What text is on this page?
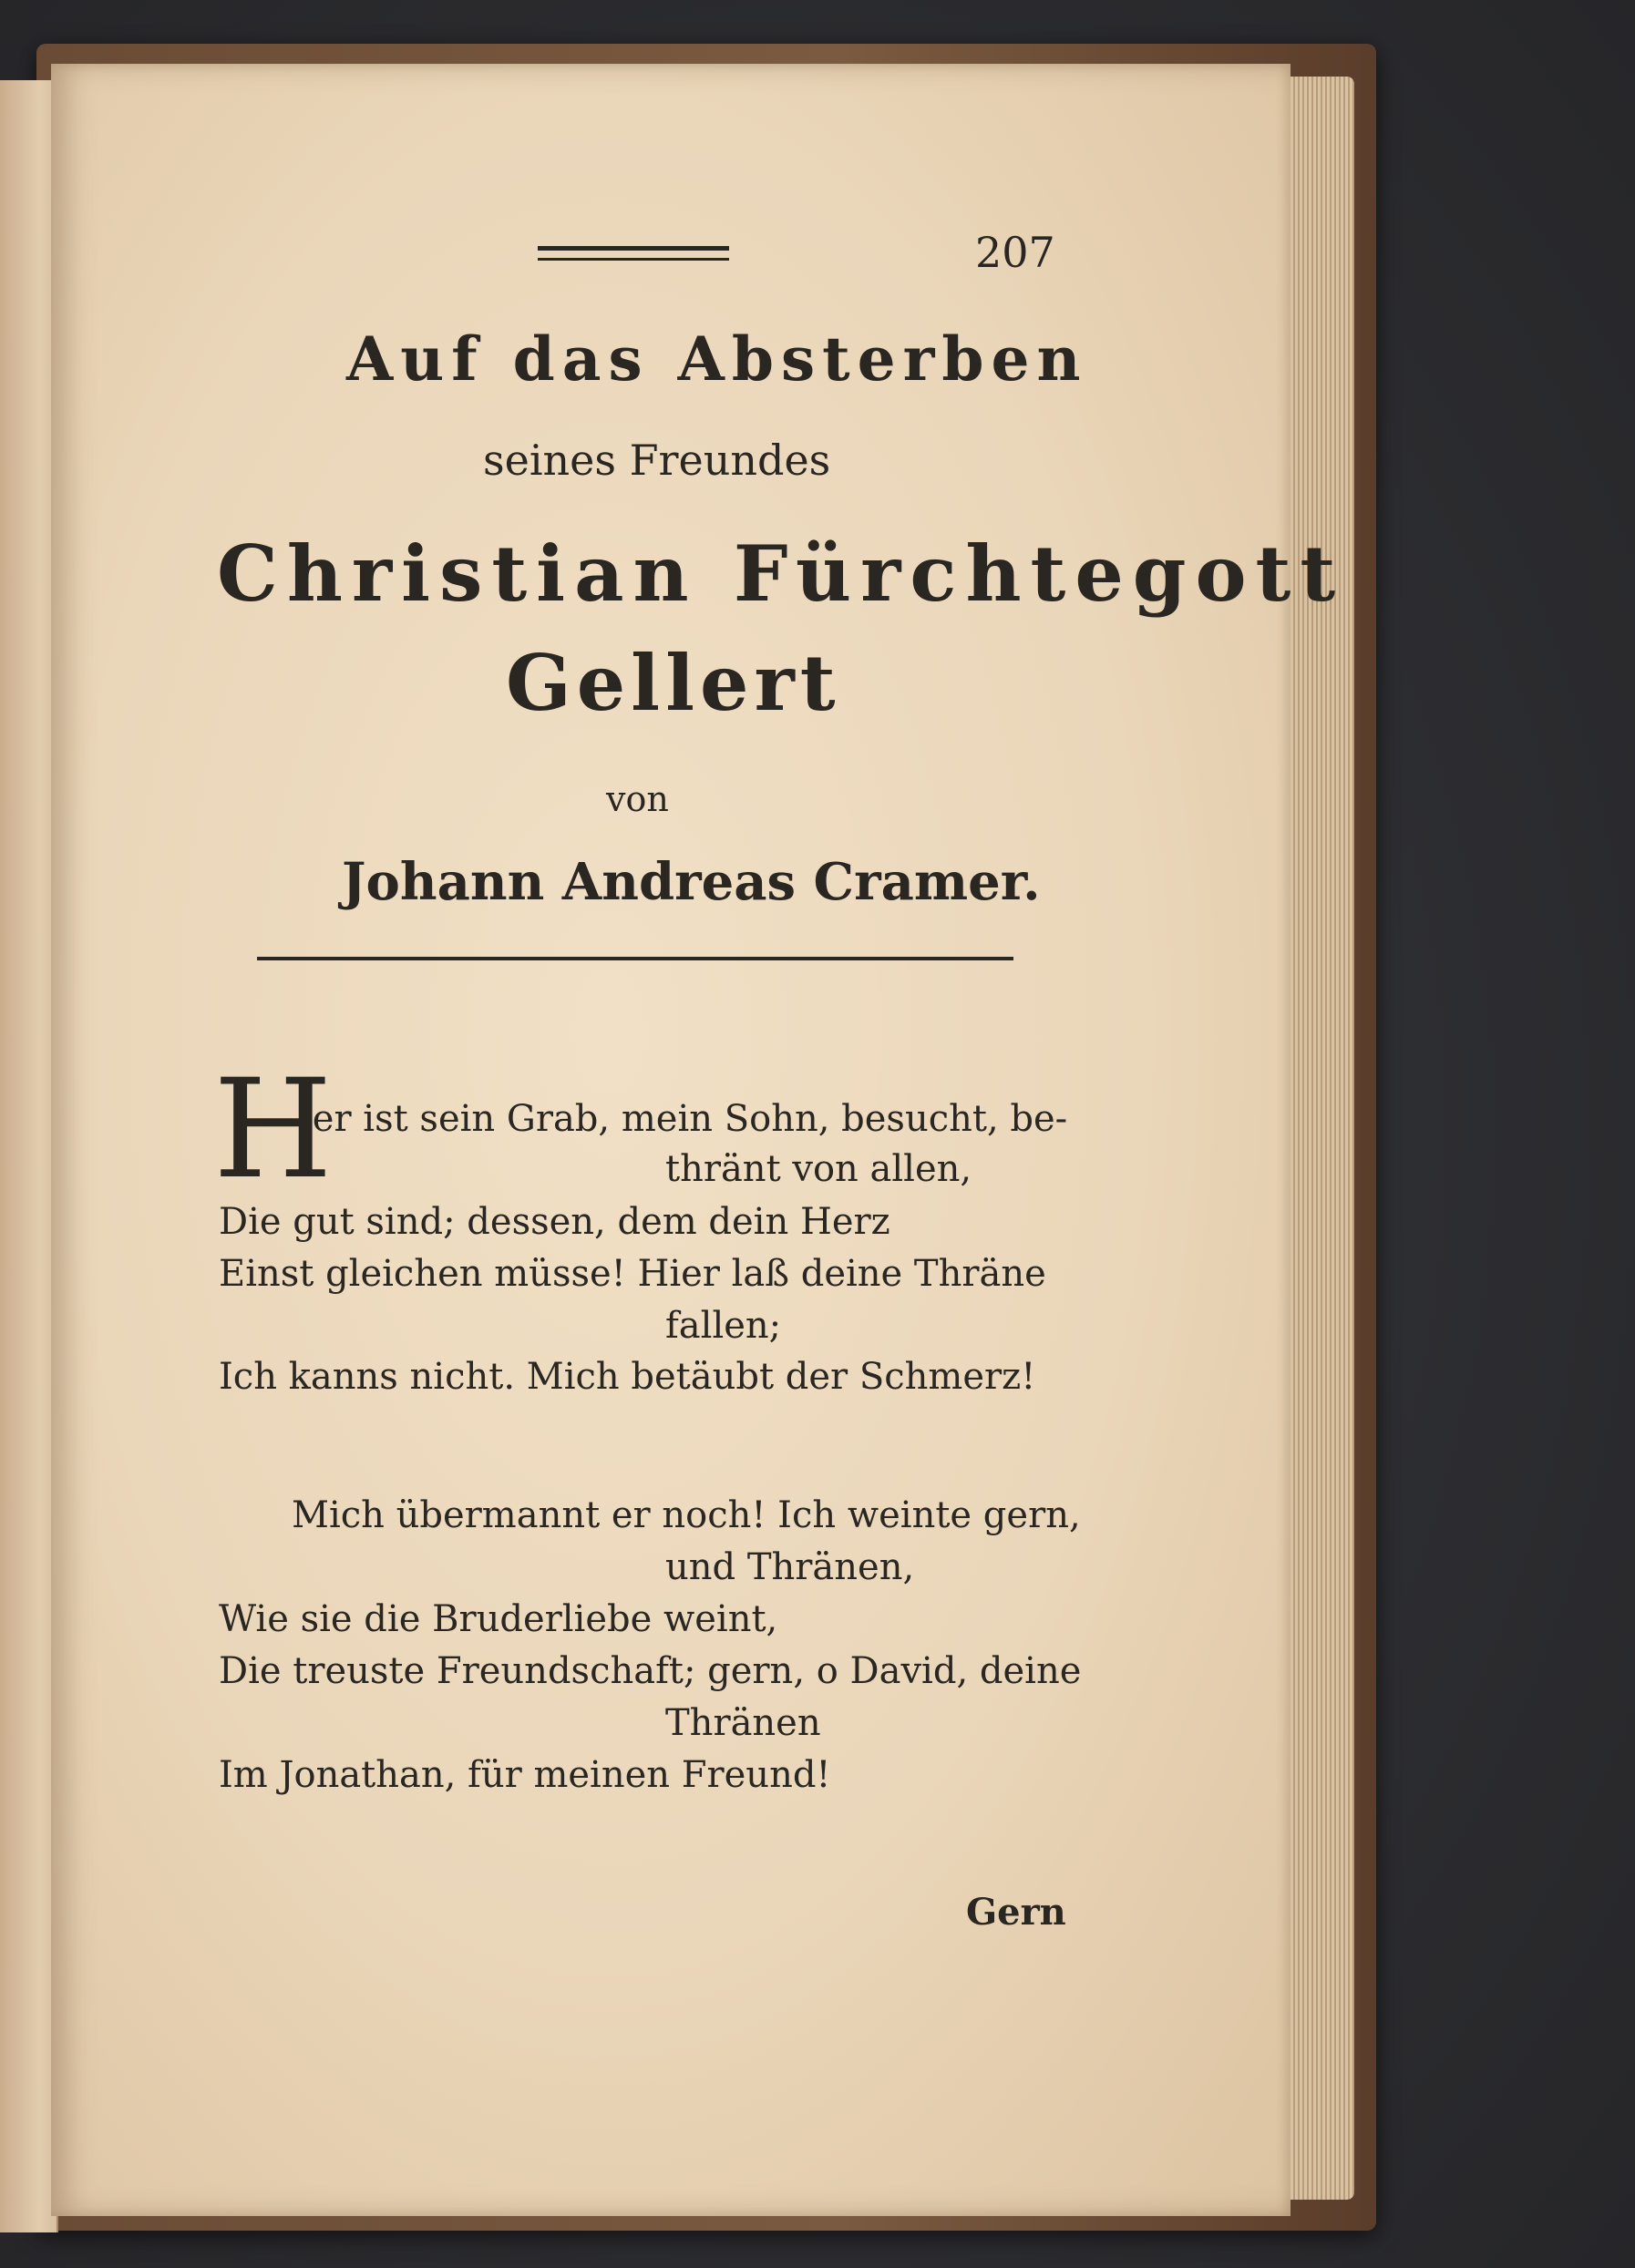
207
Auf das Absterben
seines Freundes
Christian Fürchtegott
Gellert
von
Johann Andreas Cramer.
H
ier ist sein Grab, mein Sohn, besucht, be-
thränt von allen,
Die gut sind; dessen, dem dein Herz
Einst gleichen müsse! Hier laß deine Thräne
fallen;
Ich kanns nicht. Mich betäubt der Schmerz!
Mich übermannt er noch! Ich weinte gern,
und Thränen,
Wie sie die Bruderliebe weint,
Die treuste Freundschaft; gern, o David, deine
Thränen
Im Jonathan, für meinen Freund!
Gern
